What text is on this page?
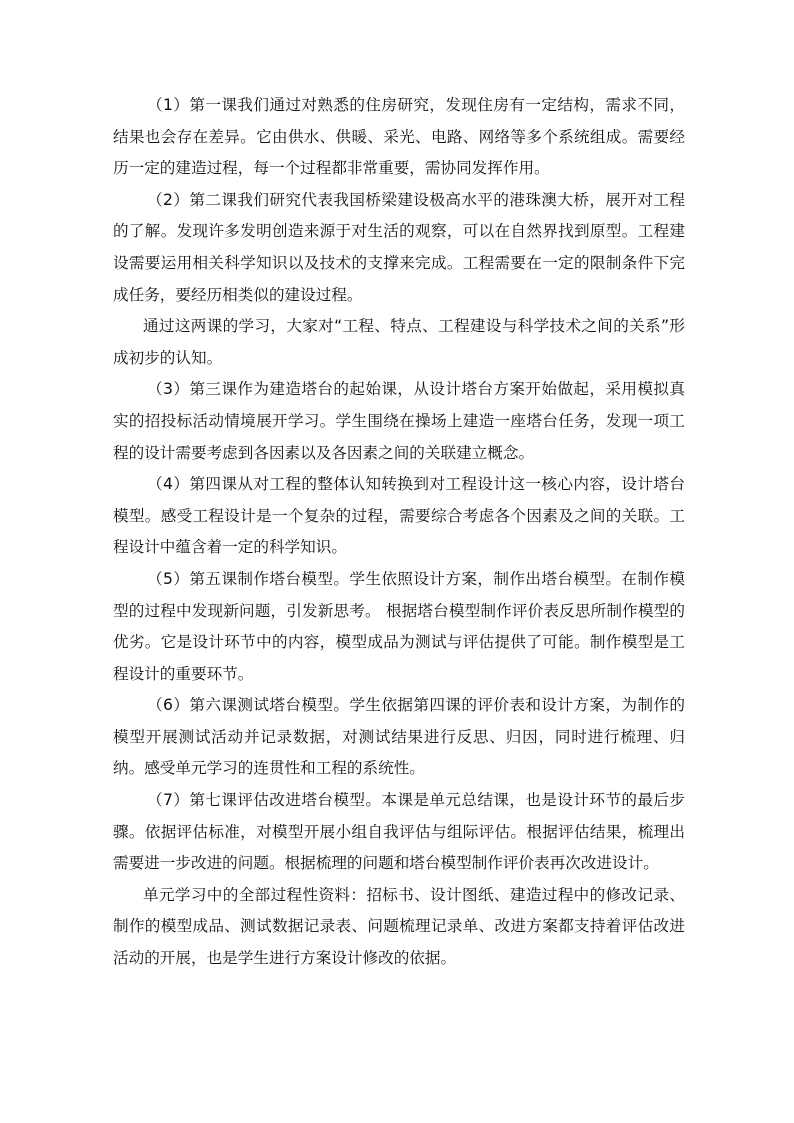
（1）第一课我们通过对熟悉的住房研究，发现住房有一定结构，需求不同，结果也会存在差异。它由供水、供暖、采光、电路、网络等多个系统组成。需要经历一定的建造过程，每一个过程都非常重要，需协同发挥作用。

（2）第二课我们研究代表我国桥梁建设极高水平的港珠澳大桥，展开对工程的了解。发现许多发明创造来源于对生活的观察，可以在自然界找到原型。工程建设需要运用相关科学知识以及技术的支撑来完成。工程需要在一定的限制条件下完成任务，要经历相类似的建设过程。

通过这两课的学习，大家对“工程、特点、工程建设与科学技术之间的关系”形成初步的认知。

（3）第三课作为建造塔台的起始课，从设计塔台方案开始做起，采用模拟真实的招投标活动情境展开学习。学生围绕在操场上建造一座塔台任务，发现一项工程的设计需要考虑到各因素以及各因素之间的关联建立概念。

（4）第四课从对工程的整体认知转换到对工程设计这一核心内容，设计塔台模型。感受工程设计是一个复杂的过程，需要综合考虑各个因素及之间的关联。工程设计中蕴含着一定的科学知识。

（5）第五课制作塔台模型。学生依照设计方案，制作出塔台模型。在制作模型的过程中发现新问题，引发新思考。 根据塔台模型制作评价表反思所制作模型的优劣。它是设计环节中的内容，模型成品为测试与评估提供了可能。制作模型是工程设计的重要环节。

（6）第六课测试塔台模型。学生依据第四课的评价表和设计方案，为制作的模型开展测试活动并记录数据，对测试结果进行反思、归因，同时进行梳理、归纳。感受单元学习的连贯性和工程的系统性。

（7）第七课评估改进塔台模型。本课是单元总结课，也是设计环节的最后步骤。依据评估标准，对模型开展小组自我评估与组际评估。根据评估结果，梳理出需要进一步改进的问题。根据梳理的问题和塔台模型制作评价表再次改进设计。

单元学习中的全部过程性资料：招标书、设计图纸、建造过程中的修改记录、制作的模型成品、测试数据记录表、问题梳理记录单、改进方案都支持着评估改进活动的开展，也是学生进行方案设计修改的依据。
